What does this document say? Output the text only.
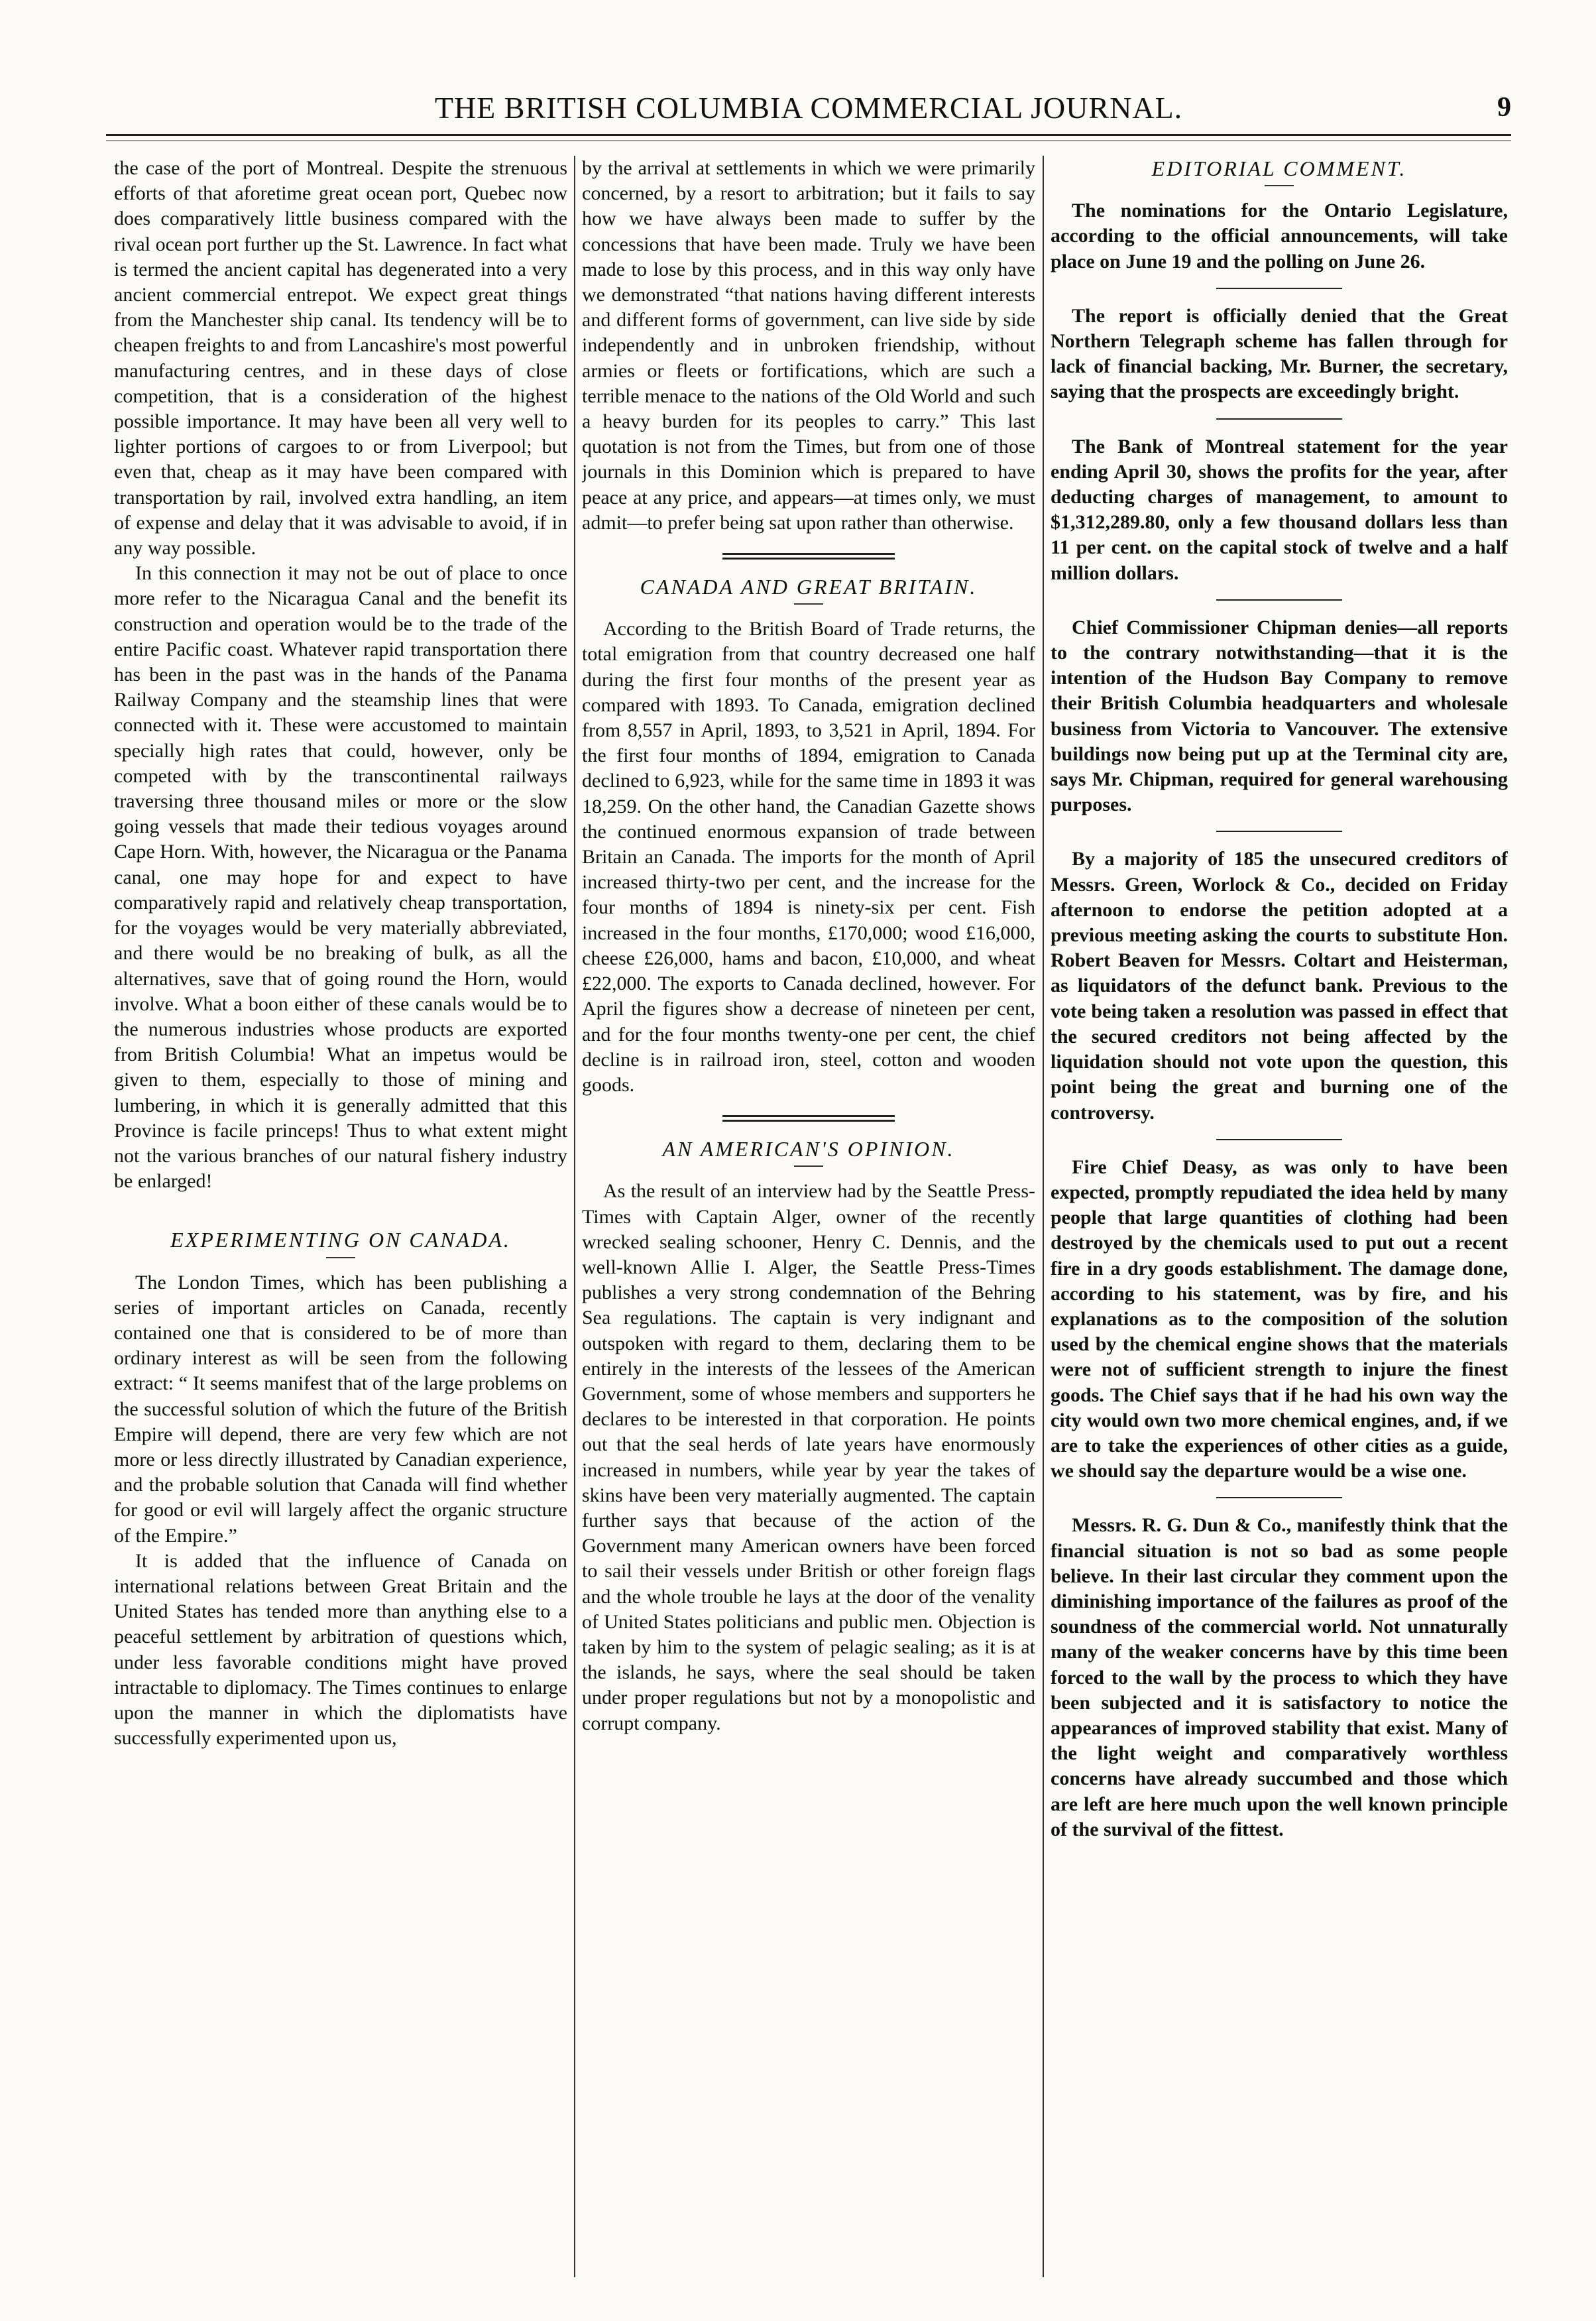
THE BRITISH COLUMBIA COMMERCIAL JOURNAL.	9

the case of the port of Montreal. Despite the strenuous efforts of that aforetime great ocean port, Quebec now does comparatively little business compared with the rival ocean port further up the St. Lawrence. In fact what is termed the ancient capital has degenerated into a very ancient commercial entrepot. We expect great things from the Manchester ship canal. Its tendency will be to cheapen freights to and from Lancashire's most powerful manufacturing centres, and in these days of close competition, that is a consideration of the highest possible importance. It may have been all very well to lighter portions of cargoes to or from Liverpool; but even that, cheap as it may have been compared with transportation by rail, involved extra handling, an item of expense and delay that it was advisable to avoid, if in any way possible.

In this connection it may not be out of place to once more refer to the Nicaragua Canal and the benefit its construction and operation would be to the trade of the entire Pacific coast. Whatever rapid transportation there has been in the past was in the hands of the Panama Railway Company and the steamship lines that were connected with it. These were accustomed to maintain specially high rates that could, however, only be competed with by the transcontinental railways traversing three thousand miles or more or the slow going vessels that made their tedious voyages around Cape Horn. With, however, the Nicaragua or the Panama canal, one may hope for and expect to have comparatively rapid and relatively cheap transportation, for the voyages would be very materially abbreviated, and there would be no breaking of bulk, as all the alternatives, save that of going round the Horn, would involve. What a boon either of these canals would be to the numerous industries whose products are exported from British Columbia! What an impetus would be given to them, especially to those of mining and lumbering, in which it is generally admitted that this Province is facile princeps! Thus to what extent might not the various branches of our natural fishery industry be enlarged!

EXPERIMENTING ON CANADA.

The London Times, which has been publishing a series of important articles on Canada, recently contained one that is considered to be of more than ordinary interest as will be seen from the following extract: “ It seems manifest that of the large problems on the successful solution of which the future of the British Empire will depend, there are very few which are not more or less directly illustrated by Canadian experience, and the probable solution that Canada will find whether for good or evil will largely affect the organic structure of the Empire.”

It is added that the influence of Canada on international relations between Great Britain and the United States has tended more than anything else to a peaceful settlement by arbitration of questions which, under less favorable conditions might have proved intractable to diplomacy. The Times continues to enlarge upon the manner in which the diplomatists have successfully experimented upon us,

by the arrival at settlements in which we were primarily concerned, by a resort to arbitration; but it fails to say how we have always been made to suffer by the concessions that have been made. Truly we have been made to lose by this process, and in this way only have we demonstrated “that nations having different interests and different forms of government, can live side by side independently and in unbroken friendship, without armies or fleets or fortifications, which are such a terrible menace to the nations of the Old World and such a heavy burden for its peoples to carry.” This last quotation is not from the Times, but from one of those journals in this Dominion which is prepared to have peace at any price, and appears—at times only, we must admit—to prefer being sat upon rather than otherwise.

CANADA AND GREAT BRITAIN.

According to the British Board of Trade returns, the total emigration from that country decreased one half during the first four months of the present year as compared with 1893. To Canada, emigration declined from 8,557 in April, 1893, to 3,521 in April, 1894. For the first four months of 1894, emigration to Canada declined to 6,923, while for the same time in 1893 it was 18,259. On the other hand, the Canadian Gazette shows the continued enormous expansion of trade between Britain an Canada. The imports for the month of April increased thirty-two per cent, and the increase for the four months of 1894 is ninety-six per cent. Fish increased in the four months, £170,000; wood £16,000, cheese £26,000, hams and bacon, £10,000, and wheat £22,000. The exports to Canada declined, however. For April the figures show a decrease of nineteen per cent, and for the four months twenty-one per cent, the chief decline is in railroad iron, steel, cotton and wooden goods.

AN AMERICAN'S OPINION.

As the result of an interview had by the Seattle Press-Times with Captain Alger, owner of the recently wrecked sealing schooner, Henry C. Dennis, and the well-known Allie I. Alger, the Seattle Press-Times publishes a very strong condemnation of the Behring Sea regulations. The captain is very indignant and outspoken with regard to them, declaring them to be entirely in the interests of the lessees of the American Government, some of whose members and supporters he declares to be interested in that corporation. He points out that the seal herds of late years have enormously increased in numbers, while year by year the takes of skins have been very materially augmented. The captain further says that because of the action of the Government many American owners have been forced to sail their vessels under British or other foreign flags and the whole trouble he lays at the door of the venality of United States politicians and public men. Objection is taken by him to the system of pelagic sealing; as it is at the islands, he says, where the seal should be taken under proper regulations but not by a monopolistic and corrupt company.

EDITORIAL COMMENT.

The nominations for the Ontario Legislature, according to the official announcements, will take place on June 19 and the polling on June 26.

The report is officially denied that the Great Northern Telegraph scheme has fallen through for lack of financial backing, Mr. Burner, the secretary, saying that the prospects are exceedingly bright.

The Bank of Montreal statement for the year ending April 30, shows the profits for the year, after deducting charges of management, to amount to $1,312,289.80, only a few thousand dollars less than 11 per cent. on the capital stock of twelve and a half million dollars.

Chief Commissioner Chipman denies—all reports to the contrary notwithstanding—that it is the intention of the Hudson Bay Company to remove their British Columbia headquarters and wholesale business from Victoria to Vancouver. The extensive buildings now being put up at the Terminal city are, says Mr. Chipman, required for general warehousing purposes.

By a majority of 185 the unsecured creditors of Messrs. Green, Worlock & Co., decided on Friday afternoon to endorse the petition adopted at a previous meeting asking the courts to substitute Hon. Robert Beaven for Messrs. Coltart and Heisterman, as liquidators of the defunct bank. Previous to the vote being taken a resolution was passed in effect that the secured creditors not being affected by the liquidation should not vote upon the question, this point being the great and burning one of the controversy.

Fire Chief Deasy, as was only to have been expected, promptly repudiated the idea held by many people that large quantities of clothing had been destroyed by the chemicals used to put out a recent fire in a dry goods establishment. The damage done, according to his statement, was by fire, and his explanations as to the composition of the solution used by the chemical engine shows that the materials were not of sufficient strength to injure the finest goods. The Chief says that if he had his own way the city would own two more chemical engines, and, if we are to take the experiences of other cities as a guide, we should say the departure would be a wise one.

Messrs. R. G. Dun & Co., manifestly think that the financial situation is not so bad as some people believe. In their last circular they comment upon the diminishing importance of the failures as proof of the soundness of the commercial world. Not unnaturally many of the weaker concerns have by this time been forced to the wall by the process to which they have been subjected and it is satisfactory to notice the appearances of improved stability that exist. Many of the light weight and comparatively worthless concerns have already succumbed and those which are left are here much upon the well known principle of the survival of the fittest.
